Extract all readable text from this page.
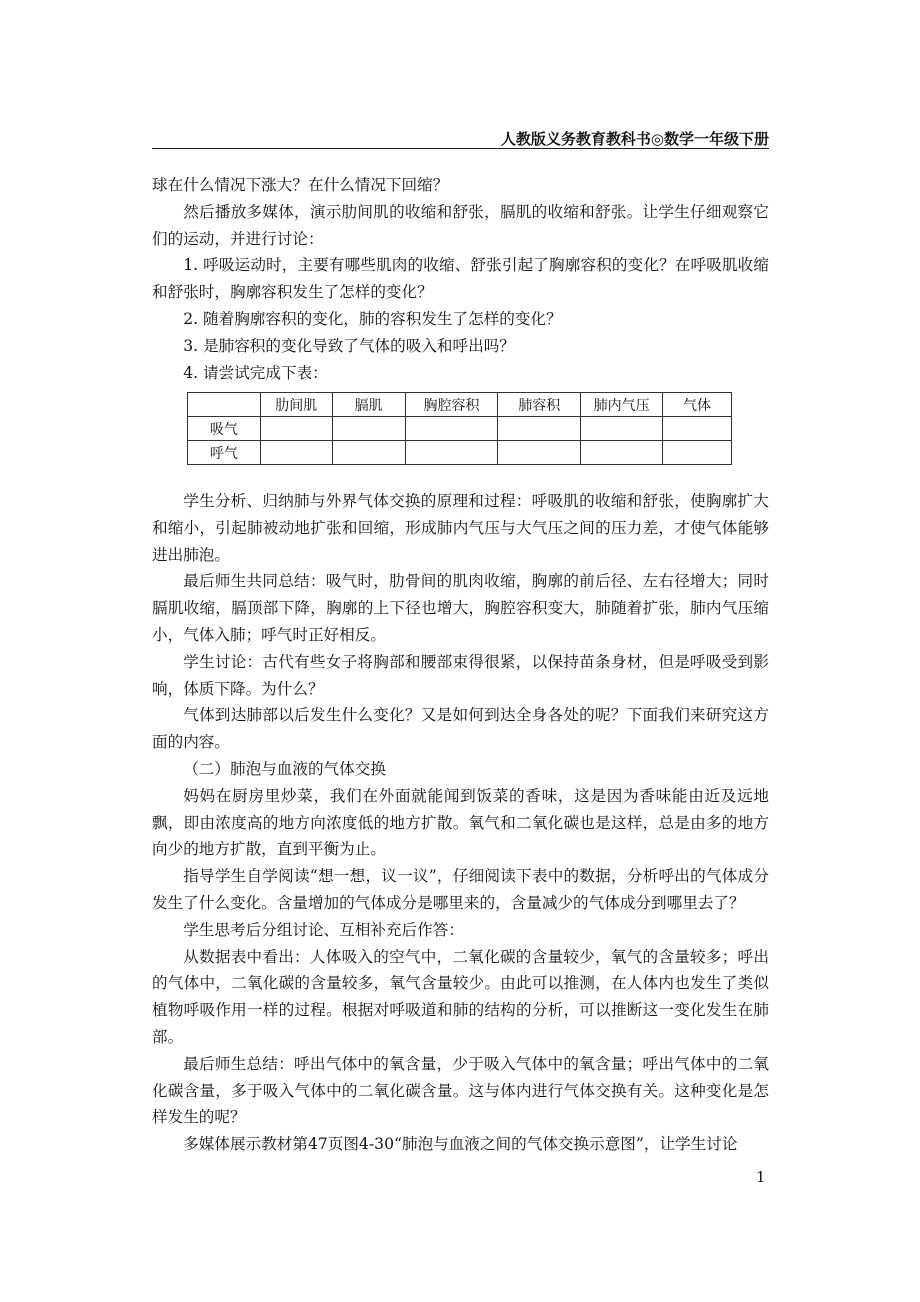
人教版义务教育教科书◎数学一年级下册

球在什么情况下涨大？在什么情况下回缩？

然后播放多媒体，演示肋间肌的收缩和舒张，膈肌的收缩和舒张。让学生仔细观察它们的运动，并进行讨论：

1. 呼吸运动时，主要有哪些肌肉的收缩、舒张引起了胸廓容积的变化？在呼吸肌收缩和舒张时，胸廓容积发生了怎样的变化？

2. 随着胸廓容积的变化，肺的容积发生了怎样的变化？

3. 是肺容积的变化导致了气体的吸入和呼出吗？

4. 请尝试完成下表：

	肋间肌	膈肌	胸腔容积	肺容积	肺内气压	气体
吸气						
呼气						

学生分析、归纳肺与外界气体交换的原理和过程：呼吸肌的收缩和舒张，使胸廓扩大和缩小，引起肺被动地扩张和回缩，形成肺内气压与大气压之间的压力差，才使气体能够进出肺泡。

最后师生共同总结：吸气时，肋骨间的肌肉收缩，胸廓的前后径、左右径增大；同时膈肌收缩，膈顶部下降，胸廓的上下径也增大，胸腔容积变大，肺随着扩张，肺内气压缩小，气体入肺；呼气时正好相反。

学生讨论：古代有些女子将胸部和腰部束得很紧，以保持苗条身材，但是呼吸受到影响，体质下降。为什么？

气体到达肺部以后发生什么变化？又是如何到达全身各处的呢？下面我们来研究这方面的内容。

（二）肺泡与血液的气体交换

妈妈在厨房里炒菜，我们在外面就能闻到饭菜的香味，这是因为香味能由近及远地飘，即由浓度高的地方向浓度低的地方扩散。氧气和二氧化碳也是这样，总是由多的地方向少的地方扩散，直到平衡为止。

指导学生自学阅读“想一想，议一议”，仔细阅读下表中的数据，分析呼出的气体成分发生了什么变化。含量增加的气体成分是哪里来的，含量减少的气体成分到哪里去了？

学生思考后分组讨论、互相补充后作答：

从数据表中看出：人体吸入的空气中，二氧化碳的含量较少，氧气的含量较多；呼出的气体中，二氧化碳的含量较多，氧气含量较少。由此可以推测，在人体内也发生了类似植物呼吸作用一样的过程。根据对呼吸道和肺的结构的分析，可以推断这一变化发生在肺部。

最后师生总结：呼出气体中的氧含量，少于吸入气体中的氧含量；呼出气体中的二氧化碳含量，多于吸入气体中的二氧化碳含量。这与体内进行气体交换有关。这种变化是怎样发生的呢？

多媒体展示教材第47页图4-30“肺泡与血液之间的气体交换示意图”，让学生讨论

1
